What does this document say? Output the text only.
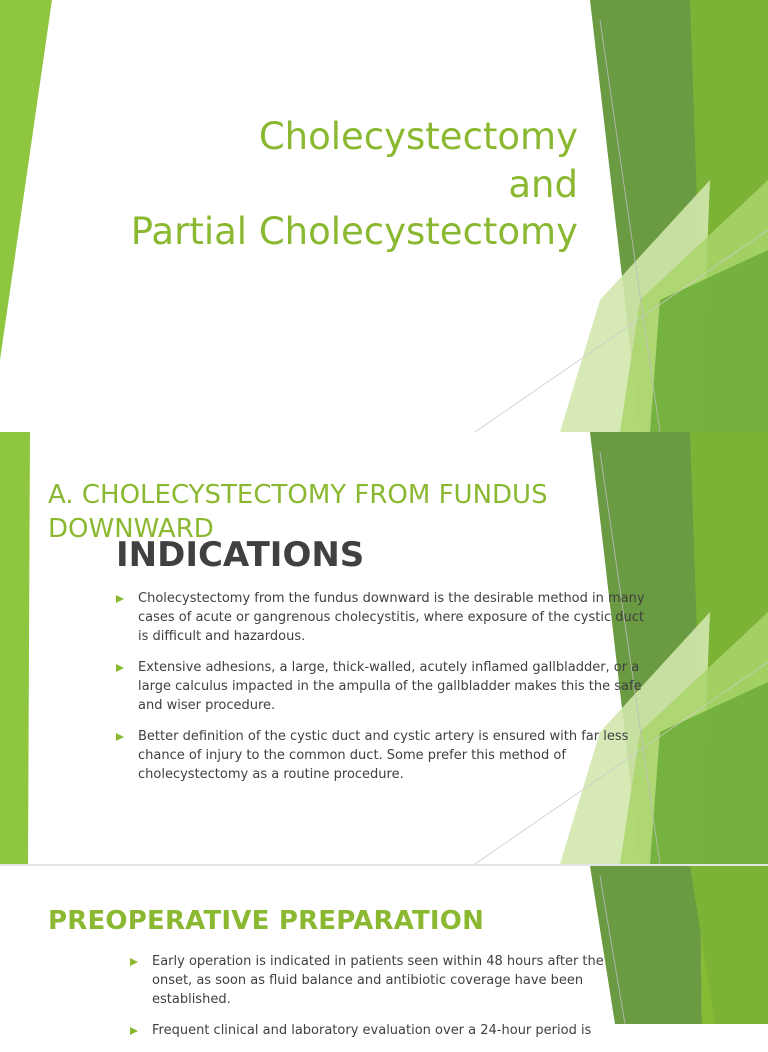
Cholecystectomy
and
Partial Cholecystectomy
A. CHOLECYSTECTOMY FROM FUNDUS DOWNWARD
INDICATIONS
Cholecystectomy from the fundus downward is the desirable method in many cases of acute or gangrenous cholecystitis, where exposure of the cystic duct is difficult and hazardous.
Extensive adhesions, a large, thick-walled, acutely inflamed gallbladder, or a large calculus impacted in the ampulla of the gallbladder makes this the safe and wiser procedure.
Better definition of the cystic duct and cystic artery is ensured with far less chance of injury to the common duct. Some prefer this method of cholecystectomy as a routine procedure.
PREOPERATIVE PREPARATION
Early operation is indicated in patients seen within 48 hours after the onset, as soon as fluid balance and antibiotic coverage have been established.
Frequent clinical and laboratory evaluation over a 24-hour period is
